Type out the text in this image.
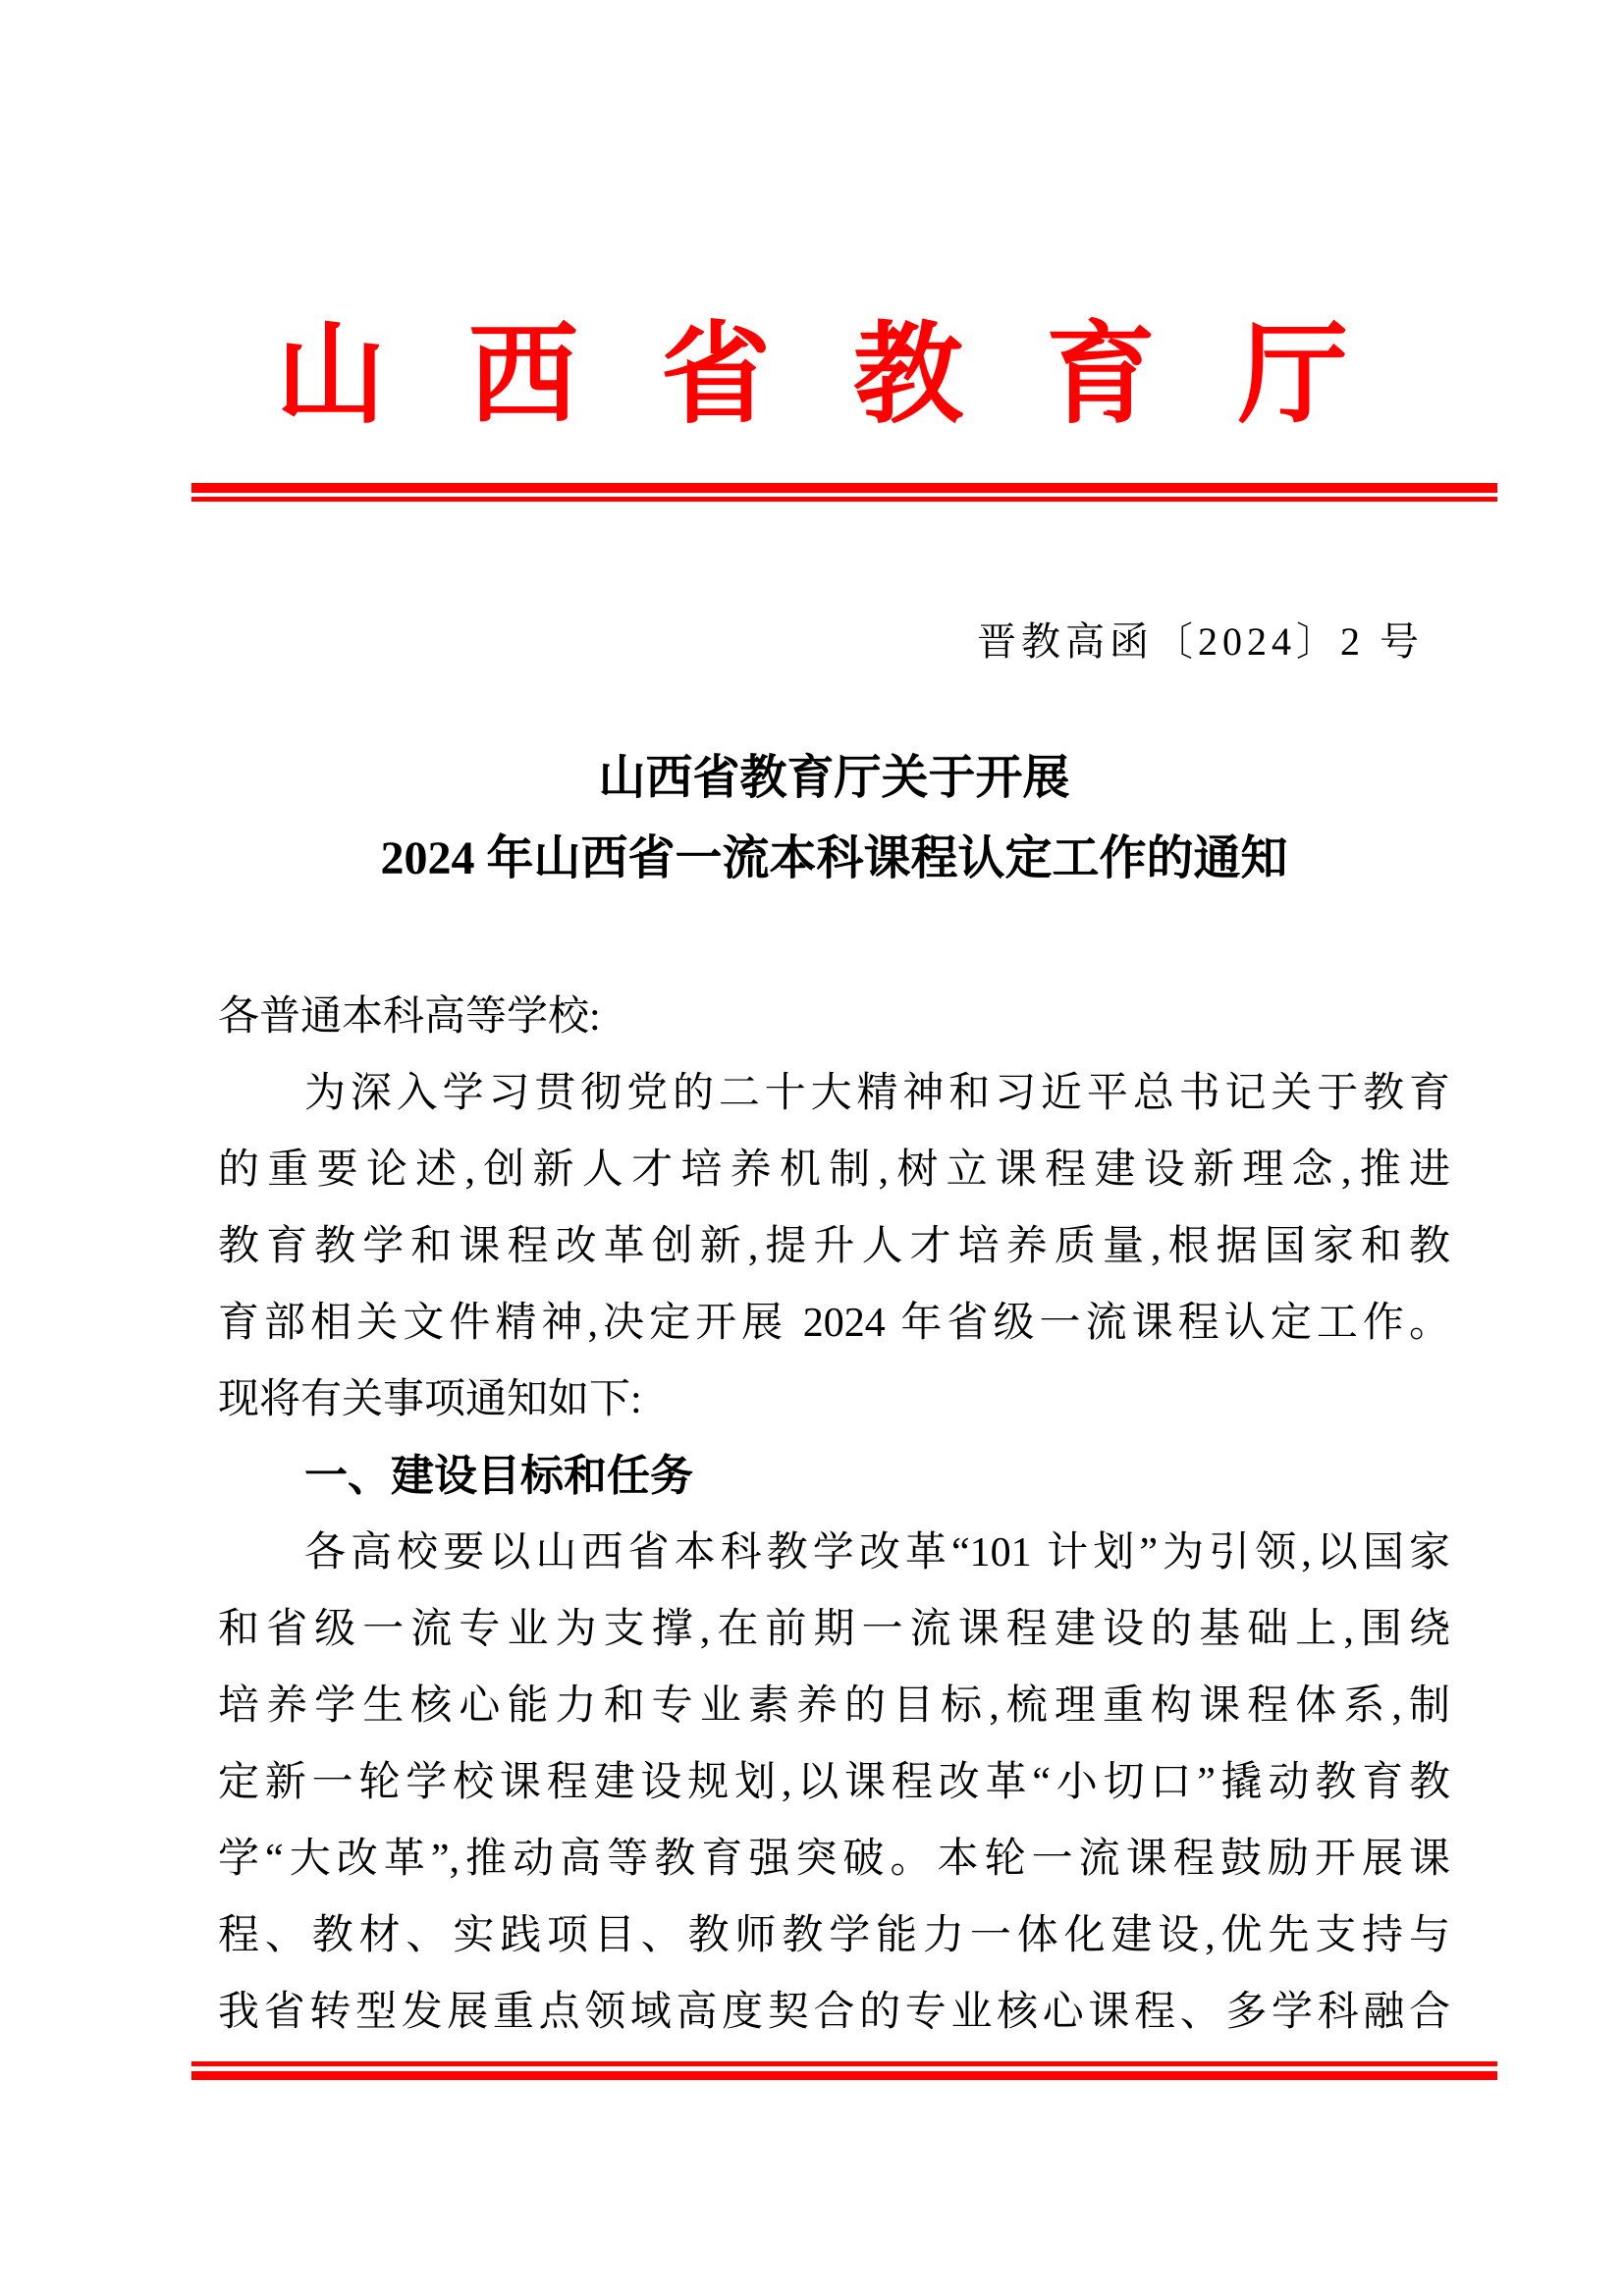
山西省教育厅
晋教高函〔2024〕2 号
山西省教育厅关于开展
2024 年山西省一流本科课程认定工作的通知
各普通本科高等学校:
为深入学习贯彻党的二十大精神和习近平总书记关于教育
的重要论述,创新人才培养机制,树立课程建设新理念,推进
教育教学和课程改革创新,提升人才培养质量,根据国家和教
育部相关文件精神,决定开展 2024 年省级一流课程认定工作。
现将有关事项通知如下:
一、建设目标和任务
各高校要以山西省本科教学改革“101 计划”为引领,以国家
和省级一流专业为支撑,在前期一流课程建设的基础上,围绕
培养学生核心能力和专业素养的目标,梳理重构课程体系,制
定新一轮学校课程建设规划,以课程改革“小切口”撬动教育教
学“大改革”,推动高等教育强突破。本轮一流课程鼓励开展课
程、教材、实践项目、教师教学能力一体化建设,优先支持与
我省转型发展重点领域高度契合的专业核心课程、多学科融合
